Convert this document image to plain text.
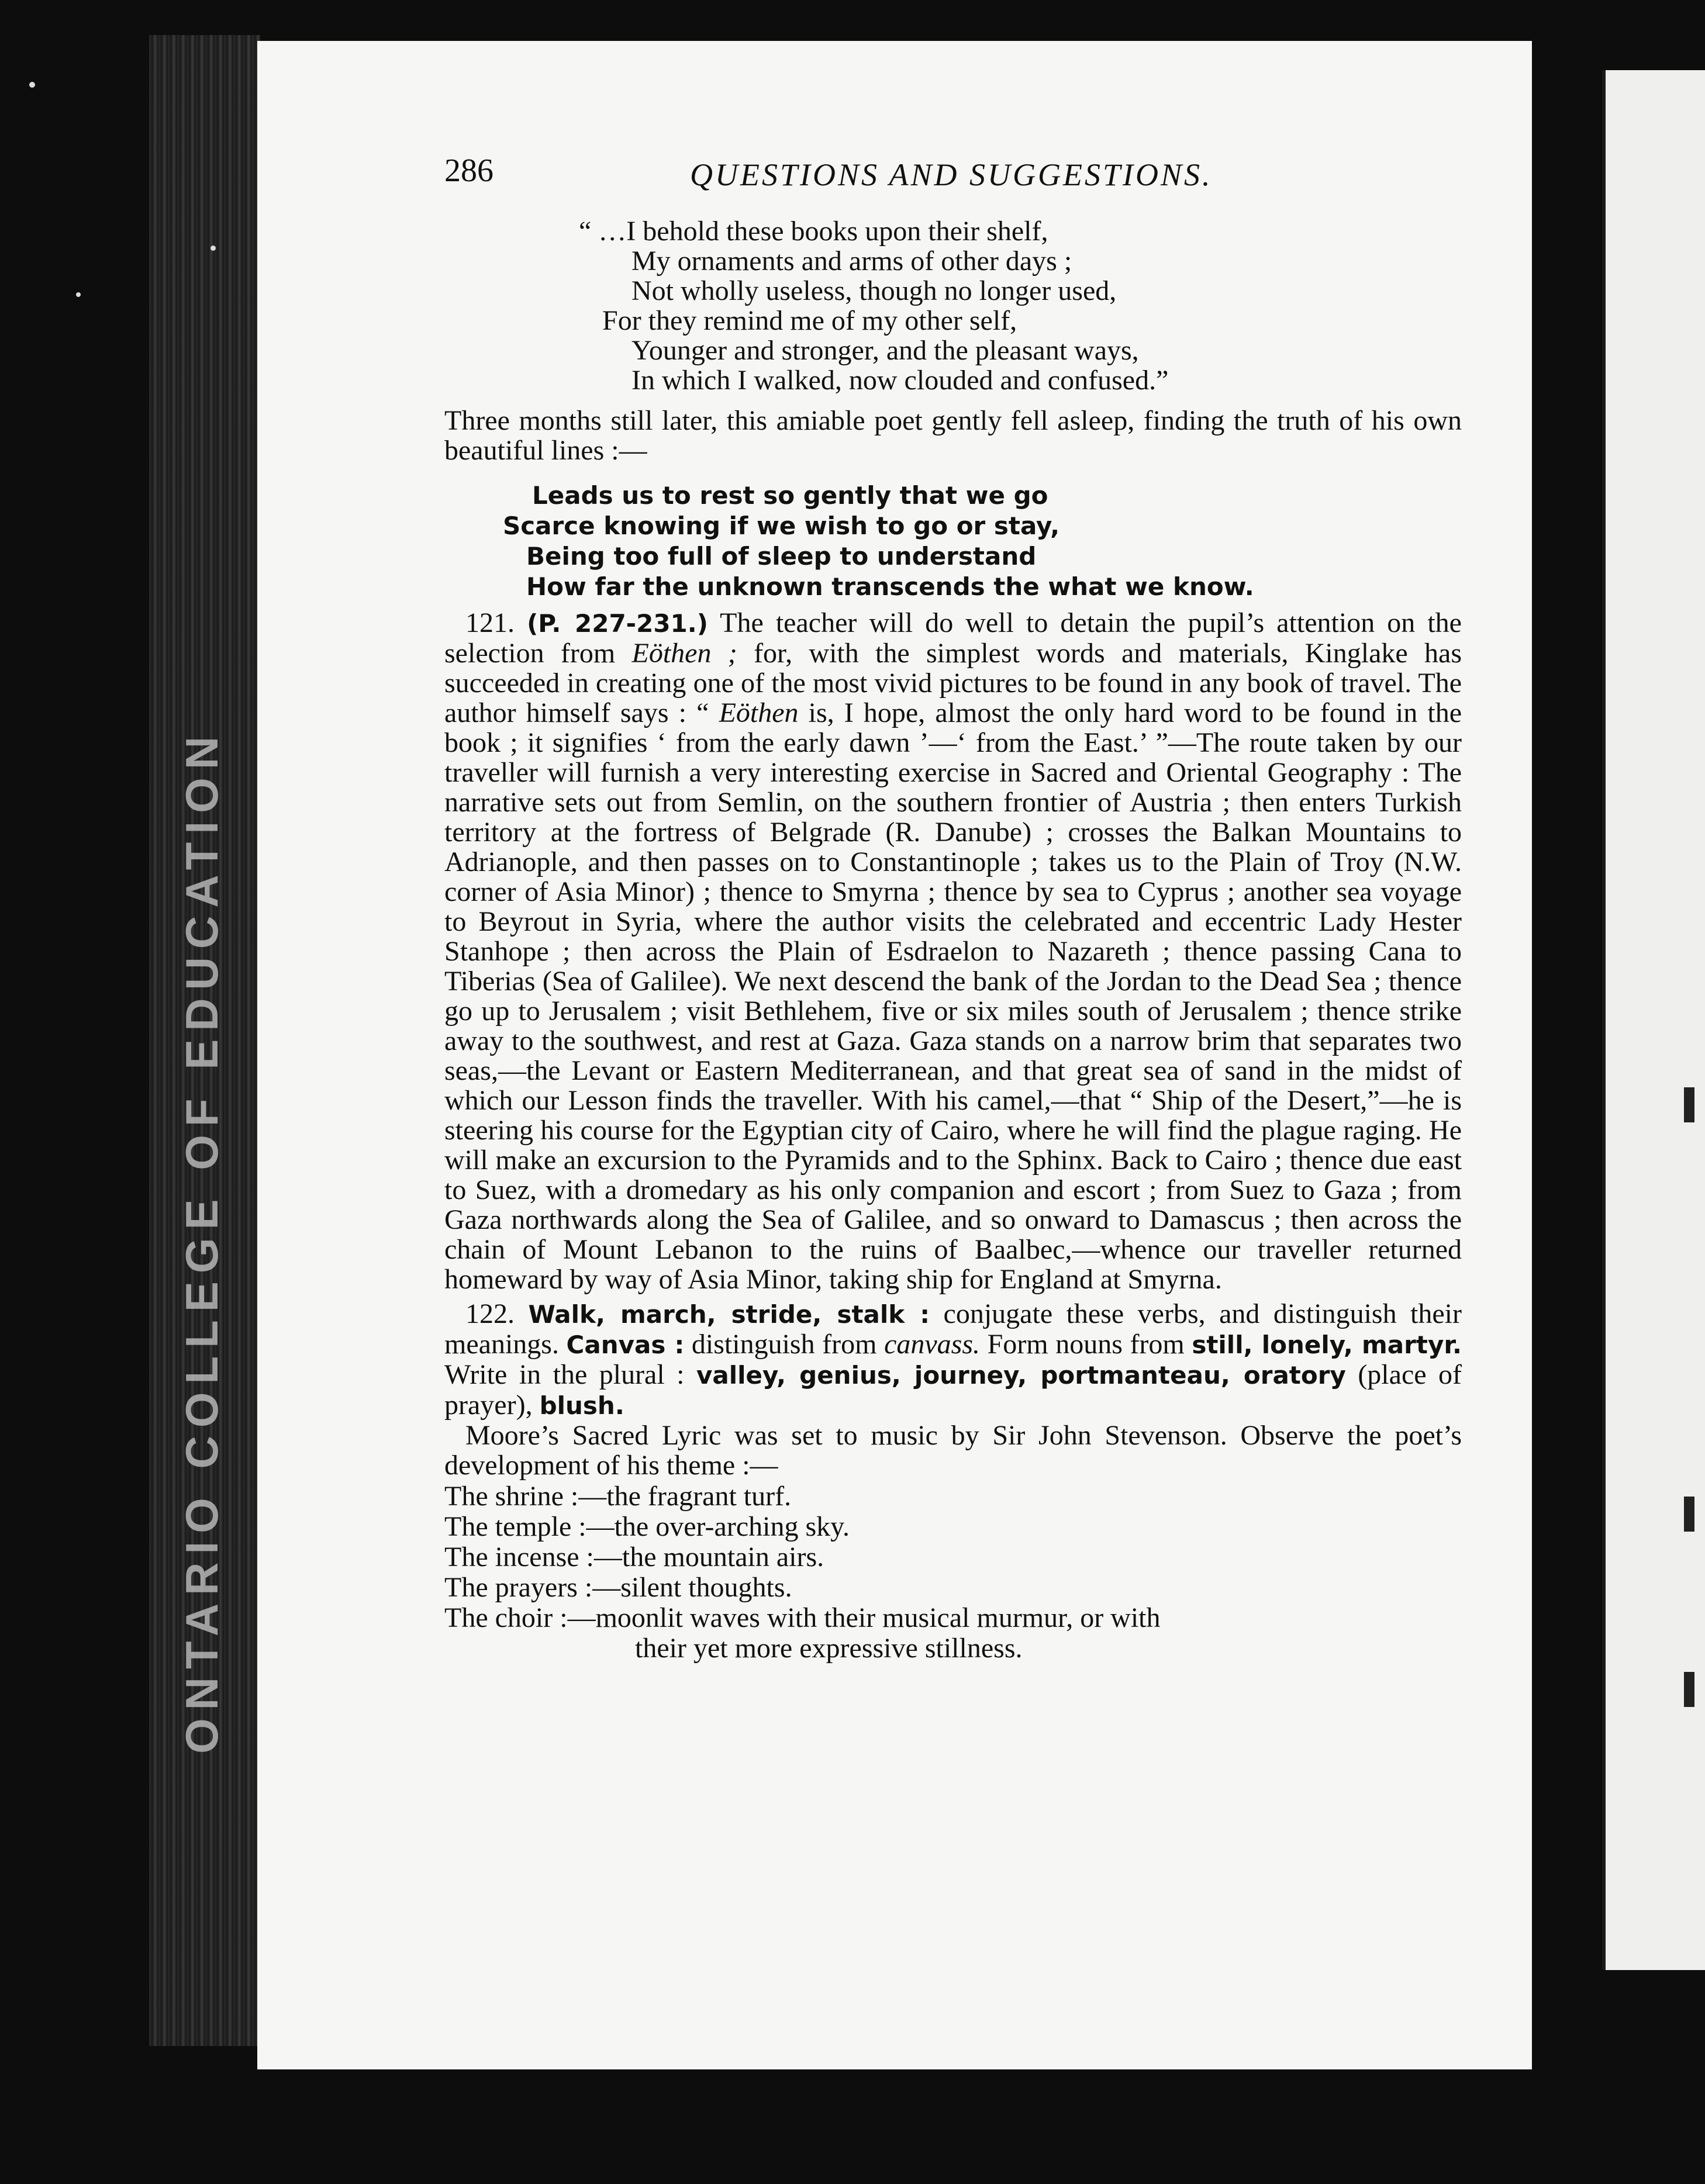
ONTARIO COLLEGE OF EDUCATION
286	QUESTIONS AND SUGGESTIONS.
“ …I behold these books upon their shelf,
My ornaments and arms of other days ;
Not wholly useless, though no longer used,
For they remind me of my other self,
Younger and stronger, and the pleasant ways,
In which I walked, now clouded and confused.”

Three months still later, this amiable poet gently fell asleep, finding the truth of his own beautiful lines :—

Leads us to rest so gently that we go
Scarce knowing if we wish to go or stay,
Being too full of sleep to understand
How far the unknown transcends the what we know.

121. (P. 227-231.) The teacher will do well to detain the pupil’s attention on the selection from Eöthen ; for, with the simplest words and materials, Kinglake has succeeded in creating one of the most vivid pictures to be found in any book of travel. The author himself says : “ Eöthen is, I hope, almost the only hard word to be found in the book ; it signifies ‘ from the early dawn ’—‘ from the East.’ ”—The route taken by our traveller will furnish a very interesting exercise in Sacred and Oriental Geography : The narrative sets out from Semlin, on the southern frontier of Austria ; then enters Turkish territory at the fortress of Belgrade (R. Danube) ; crosses the Balkan Mountains to Adrianople, and then passes on to Constantinople ; takes us to the Plain of Troy (N.W. corner of Asia Minor) ; thence to Smyrna ; thence by sea to Cyprus ; another sea voyage to Beyrout in Syria, where the author visits the celebrated and eccentric Lady Hester Stanhope ; then across the Plain of Esdraelon to Nazareth ; thence passing Cana to Tiberias (Sea of Galilee). We next descend the bank of the Jordan to the Dead Sea ; thence go up to Jerusalem ; visit Bethlehem, five or six miles south of Jerusalem ; thence strike away to the southwest, and rest at Gaza. Gaza stands on a narrow brim that separates two seas,—the Levant or Eastern Mediterranean, and that great sea of sand in the midst of which our Lesson finds the traveller. With his camel,—that “ Ship of the Desert,”—he is steering his course for the Egyptian city of Cairo, where he will find the plague raging. He will make an excursion to the Pyramids and to the Sphinx. Back to Cairo ; thence due east to Suez, with a dromedary as his only companion and escort ; from Suez to Gaza ; from Gaza northwards along the Sea of Galilee, and so onward to Damascus ; then across the chain of Mount Lebanon to the ruins of Baalbec,—whence our traveller returned homeward by way of Asia Minor, taking ship for England at Smyrna.

122. Walk, march, stride, stalk : conjugate these verbs, and distinguish their meanings. Canvas : distinguish from canvass. Form nouns from still, lonely, martyr. Write in the plural : valley, genius, journey, portmanteau, oratory (place of prayer), blush.

Moore’s Sacred Lyric was set to music by Sir John Stevenson. Observe the poet’s development of his theme :—

The shrine :—the fragrant turf.
The temple :—the over-arching sky.
The incense :—the mountain airs.
The prayers :—silent thoughts.
The choir :—moonlit waves with their musical murmur, or with
their yet more expressive stillness.
